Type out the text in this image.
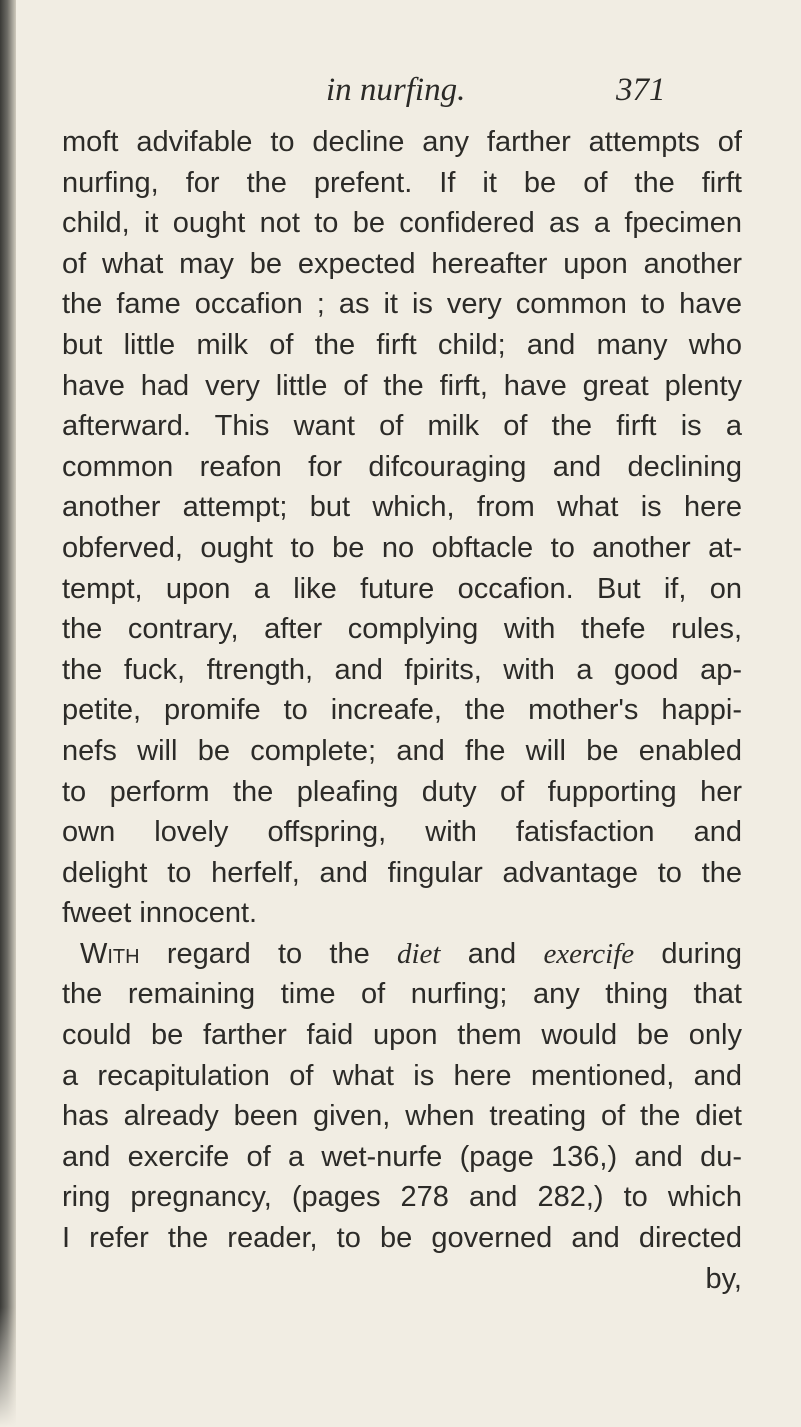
in nurfing.	371
moft advifable to decline any farther attempts of
nurfing, for the prefent. If it be of the firft
child, it ought not to be confidered as a fpecimen
of what may be expected hereafter upon another
the fame occafion ; as it is very common to have
but little milk of the firft child; and many who
have had very little of the firft, have great plenty
afterward. This want of milk of the firft is a
common reafon for difcouraging and declining
another attempt; but which, from what is here
obferved, ought to be no obftacle to another at-
tempt, upon a like future occafion. But if, on
the contrary, after complying with thefe rules,
the fuck, ftrength, and fpirits, with a good ap-
petite, promife to increafe, the mother's happi-
nefs will be complete; and fhe will be enabled
to perform the pleafing duty of fupporting her
own lovely offspring, with fatisfaction and
delight to herfelf, and fingular advantage to the
fweet innocent.
With regard to the diet and exercife during
the remaining time of nurfing; any thing that
could be farther faid upon them would be only
a recapitulation of what is here mentioned, and
has already been given, when treating of the diet
and exercife of a wet-nurfe (page 136,) and du-
ring pregnancy, (pages 278 and 282,) to which
I refer the reader, to be governed and directed
by,
